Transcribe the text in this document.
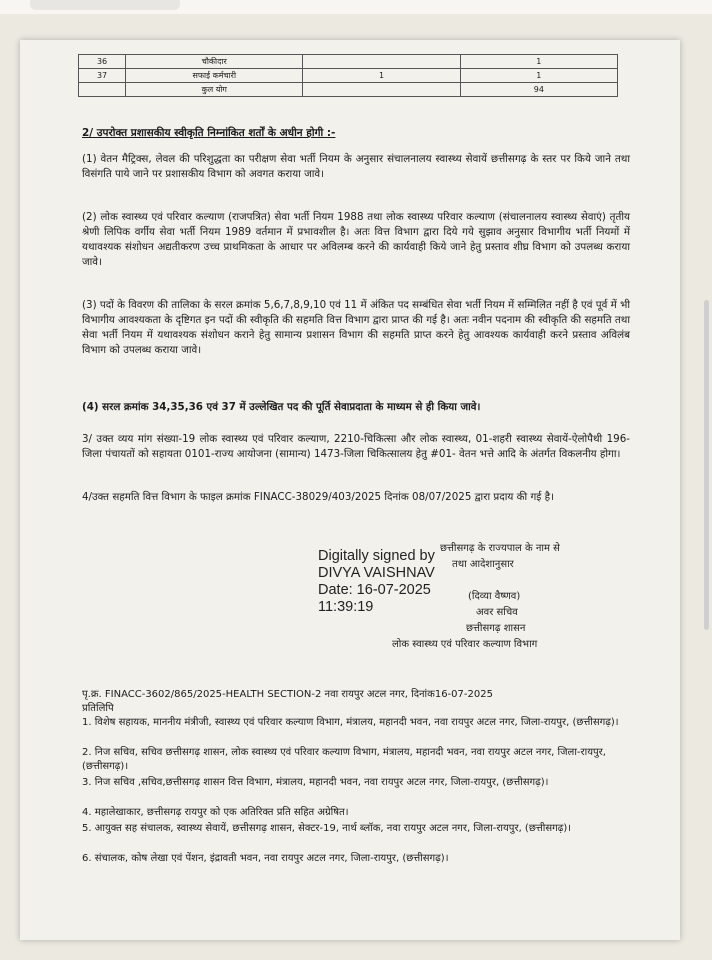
36	चौकीदार		1
37	सफाई कर्मचारी	1	1
	कुल योग		94
2/ उपरोक्त प्रशासकीय स्वीकृति निम्नांकित शर्तों के अधीन होगी :-
(1) वेतन मैट्रिक्स, लेवल की परिशुद्धता का परीक्षण सेवा भर्ती नियम के अनुसार संचालनालय स्वास्थ्य सेवायें छत्तीसगढ़ के स्तर पर किये जाने तथा विसंगति पाये जाने पर प्रशासकीय विभाग को अवगत कराया जावे।
(2) लोक स्वास्थ्य एवं परिवार कल्याण (राजपत्रित) सेवा भर्ती नियम 1988 तथा लोक स्वास्थ्य परिवार कल्याण (संचालनालय स्वास्थ्य सेवाएं) तृतीय श्रेणी लिपिक वर्गीय सेवा भर्ती नियम 1989 वर्तमान में प्रभावशील है। अतः वित्त विभाग द्वारा दिये गये सुझाव अनुसार विभागीय भर्ती नियमों में यथावश्यक संशोधन अद्यतीकरण उच्च प्राथमिकता के आधार पर अविलम्ब करने की कार्यवाही किये जाने हेतु प्रस्ताव शीघ्र विभाग को उपलब्ध कराया जावे।
(3) पदों के विवरण की तालिका के सरल क्रमांक 5,6,7,8,9,10 एवं 11 में अंकित पद सम्बंधित सेवा भर्ती नियम में सम्मिलित नहीं है एवं पूर्व में भी विभागीय आवश्यकता के दृष्टिगत इन पदों की स्वीकृति की सहमति वित्त विभाग द्वारा प्राप्त की गई है। अतः नवीन पदनाम की स्वीकृति की सहमति तथा सेवा भर्ती नियम में यथावश्यक संशोधन कराने हेतु सामान्य प्रशासन विभाग की सहमति प्राप्त करने हेतु आवश्यक कार्यवाही करने प्रस्ताव अविलंब विभाग को उपलब्ध कराया जावे।
(4) सरल क्रमांक 34,35,36 एवं 37 में उल्लेखित पद की पूर्ति सेवाप्रदाता के माध्यम से ही किया जावे।
3/ उक्त व्यय मांग संख्या-19 लोक स्वास्थ्य एवं परिवार कल्याण, 2210-चिकित्सा और लोक स्वास्थ्य, 01-शहरी स्वास्थ्य सेवायें-ऐलोपैथी 196-जिला पंचायतों को सहायता 0101-राज्य आयोजना (सामान्य) 1473-जिला चिकित्सालय हेतु #01- वेतन भत्ते आदि के अंतर्गत विकलनीय होगा।
4/उक्त सहमति वित्त विभाग के फाइल क्रमांक FINACC-38029/403/2025 दिनांक 08/07/2025 द्वारा प्रदाय की गई है।
Digitally signed by
DIVYA VAISHNAV
Date: 16-07-2025
11:39:19
छत्तीसगढ़ के राज्यपाल के नाम से
तथा आदेशानुसार
(दिव्या वैष्णव)
अवर सचिव
छत्तीसगढ़ शासन
लोक स्वास्थ्य एवं परिवार कल्याण विभाग
पृ.क्र. FINACC-3602/865/2025-HEALTH SECTION-2 नवा रायपुर अटल नगर, दिनांक16-07-2025
प्रतिलिपि
1. विशेष सहायक, माननीय मंत्रीजी, स्वास्थ्य एवं परिवार कल्याण विभाग, मंत्रालय, महानदी भवन, नवा रायपुर अटल नगर, जिला-रायपुर, (छत्तीसगढ़)।
2. निज सचिव, सचिव छत्तीसगढ़ शासन, लोक स्वास्थ्य एवं परिवार कल्याण विभाग, मंत्रालय, महानदी भवन, नवा रायपुर अटल नगर, जिला-रायपुर, (छत्तीसगढ़)।
3. निज सचिव ,सचिव,छत्तीसगढ़ शासन वित्त विभाग, मंत्रालय, महानदी भवन, नवा रायपुर अटल नगर, जिला-रायपुर, (छत्तीसगढ़)।
4. महालेखाकार, छत्तीसगढ़ रायपुर को एक अतिरिक्त प्रति सहित अग्रेषित।
5. आयुक्त सह संचालक, स्वास्थ्य सेवायें, छत्तीसगढ़ शासन, सेक्टर-19, नार्थ ब्लॉक, नवा रायपुर अटल नगर, जिला-रायपुर, (छत्तीसगढ़)।
6. संचालक, कोष लेखा एवं पेंशन, इंद्रावती भवन, नवा रायपुर अटल नगर, जिला-रायपुर, (छत्तीसगढ़)।
